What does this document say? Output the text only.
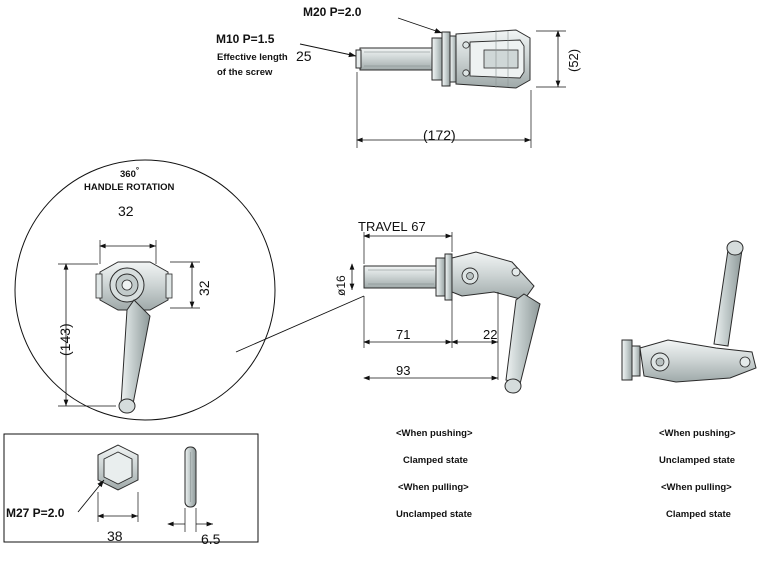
M20 P=2.0
M10 P=1.5
Effective length
of the screw
25	(52)
(172)
360°
HANDLE ROTATION
32
32
(143)
TRAVEL 67
ø16
71	22
93
<When pushing>
Clamped state
<When pulling>
Unclamped state
<When pushing>
Unclamped state
<When pulling>
Clamped state
M27 P=2.0
38	6.5
